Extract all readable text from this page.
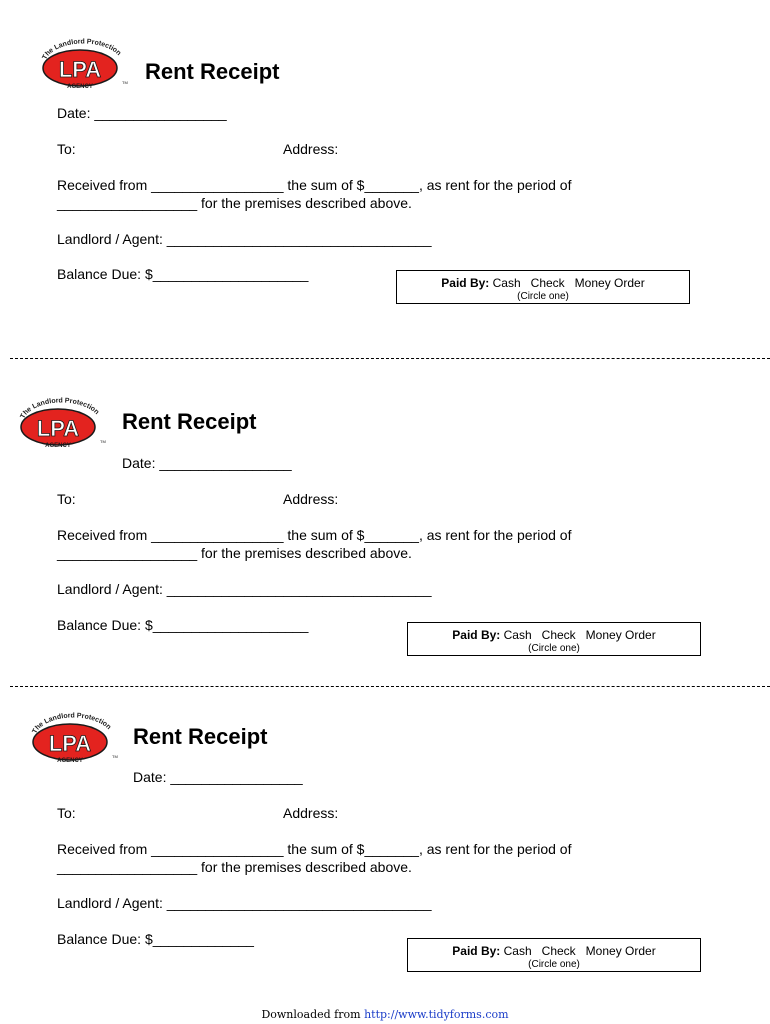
The Landlord Protection
LPA
AGENCY
TM Rent Receipt
Date: _________________
To:	Address:
Received from _________________ the sum of $_______, as rent for the period of
__________________ for the premises described above.
Landlord / Agent: __________________________________
Balance Due: $____________________
Paid By: Cash   Check   Money Order
(Circle one)
The Landlord Protection
LPA
AGENCY
TM
Rent Receipt
Date: _________________
To:	Address:
Received from _________________ the sum of $_______, as rent for the period of
__________________ for the premises described above.
Landlord / Agent: __________________________________
Balance Due: $____________________
Paid By: Cash   Check   Money Order
(Circle one)
The Landlord Protection
LPA
AGENCY
TM
Rent Receipt
Date: _________________
To:	Address:
Received from _________________ the sum of $_______, as rent for the period of
__________________ for the premises described above.
Landlord / Agent: __________________________________
Balance Due: $_____________
Paid By: Cash   Check   Money Order
(Circle one)
Downloaded from http://www.tidyforms.com
